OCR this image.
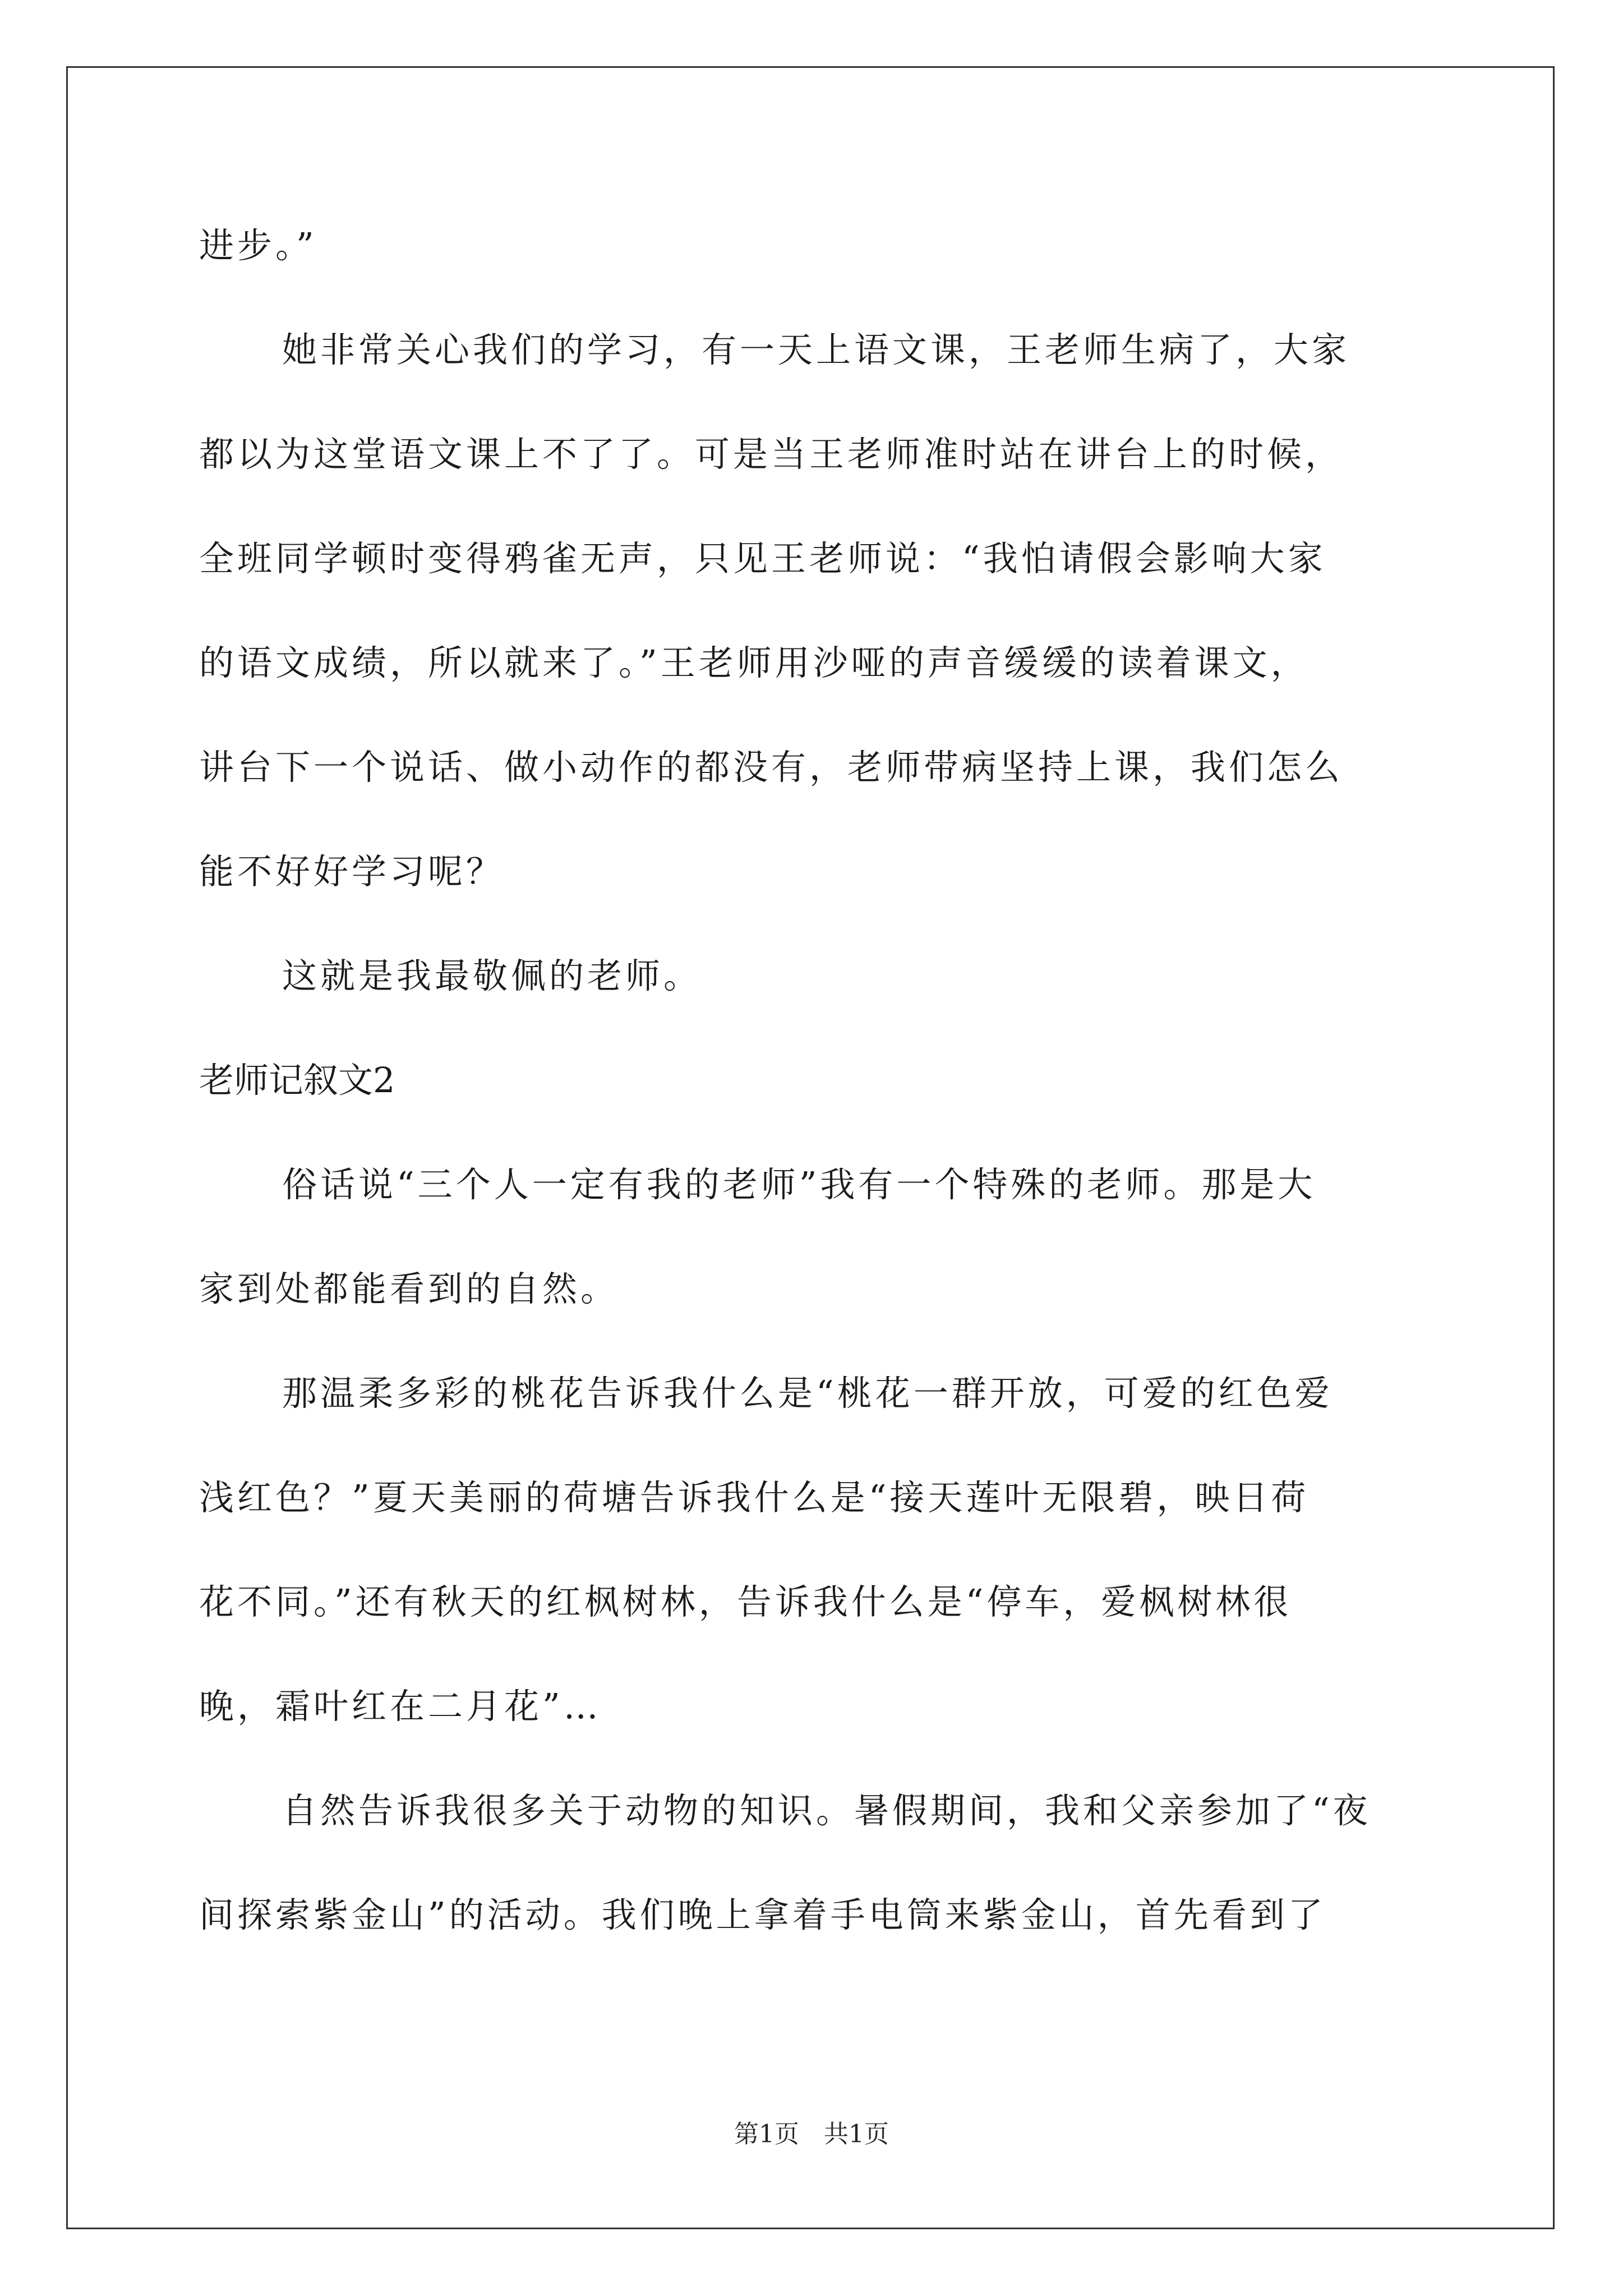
进步。”
她非常关心我们的学习，有一天上语文课，王老师生病了，大家
都以为这堂语文课上不了了。可是当王老师准时站在讲台上的时候，
全班同学顿时变得鸦雀无声，只见王老师说：“我怕请假会影响大家
的语文成绩，所以就来了。”王老师用沙哑的声音缓缓的读着课文，
讲台下一个说话、做小动作的都没有，老师带病坚持上课，我们怎么
能不好好学习呢？
这就是我最敬佩的老师。
老师记叙文2
俗话说“三个人一定有我的老师”我有一个特殊的老师。那是大
家到处都能看到的自然。
那温柔多彩的桃花告诉我什么是“桃花一群开放，可爱的红色爱
浅红色？”夏天美丽的荷塘告诉我什么是“接天莲叶无限碧，映日荷
花不同。”还有秋天的红枫树林，告诉我什么是“停车，爱枫树林很
晚，霜叶红在二月花”…
自然告诉我很多关于动物的知识。暑假期间，我和父亲参加了“夜
间探索紫金山”的活动。我们晚上拿着手电筒来紫金山，首先看到了
第1页　共1页
